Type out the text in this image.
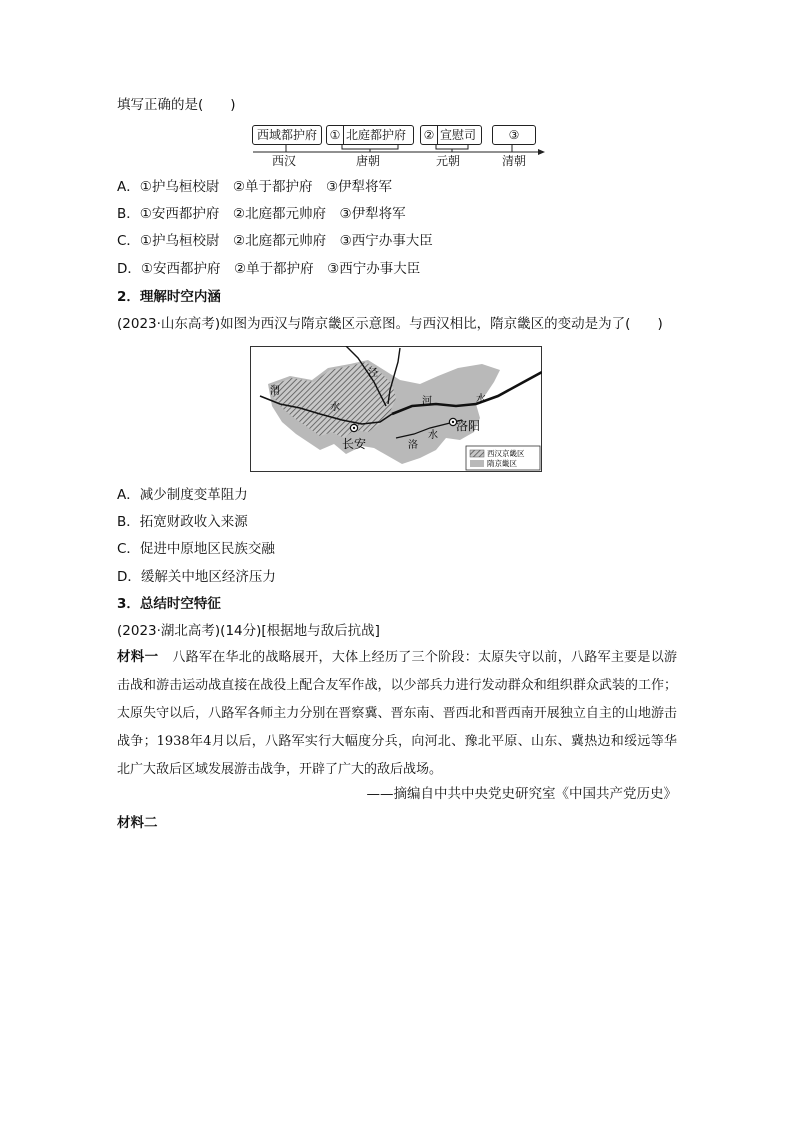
填写正确的是(　　)
西域都护府	① 北庭都护府	② 宣慰司	③
西汉	唐朝	元朝	清朝
A．①护乌桓校尉　②单于都护府　③伊犁将军
B．①安西都护府　②北庭都元帅府　③伊犁将军
C．①护乌桓校尉　②北庭都元帅府　③西宁办事大臣
D．①安西都护府　②单于都护府　③西宁办事大臣
2．理解时空内涵
(2023·山东高考)如图为西汉与隋京畿区示意图。与西汉相比，隋京畿区的变动是为了(　　)
泾
渭
水
长安
河	水
洛
水
洛阳
西汉京畿区
隋京畿区
A．减少制度变革阻力
B．拓宽财政收入来源
C．促进中原地区民族交融
D．缓解关中地区经济压力
3．总结时空特征
(2023·湖北高考)(14分)[根据地与敌后抗战]
材料一 八路军在华北的战略展开，大体上经历了三个阶段：太原失守以前，八路军主要是以游击战和游击运动战直接在战役上配合友军作战，以少部兵力进行发动群众和组织群众武装的工作；太原失守以后，八路军各师主力分别在晋察冀、晋东南、晋西北和晋西南开展独立自主的山地游击战争；1938年4月以后，八路军实行大幅度分兵，向河北、豫北平原、山东、冀热边和绥远等华北广大敌后区域发展游击战争，开辟了广大的敌后战场。
——摘编自中共中央党史研究室《中国共产党历史》
材料二
